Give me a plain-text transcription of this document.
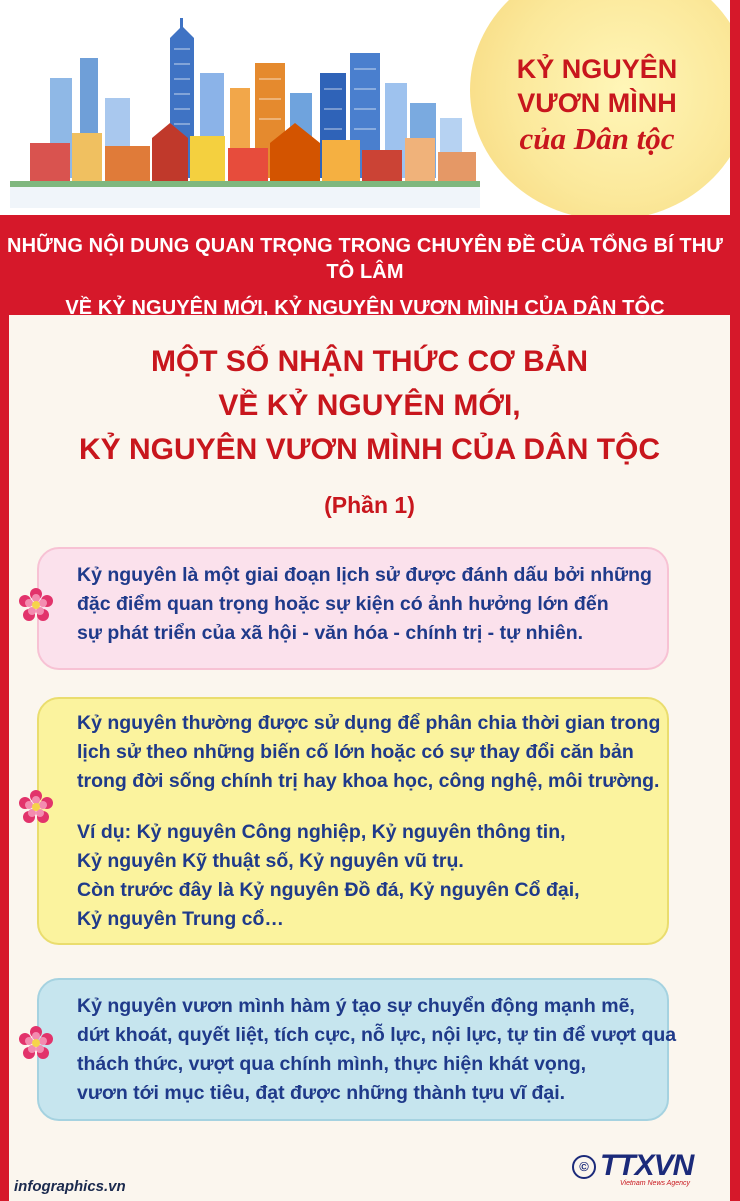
KỶ NGUYÊN
VƯƠN MÌNH
của Dân tộc
NHỮNG NỘI DUNG QUAN TRỌNG TRONG CHUYÊN ĐỀ CỦA TỔNG BÍ THƯ TÔ LÂM
VỀ KỶ NGUYÊN MỚI, KỶ NGUYÊN VƯƠN MÌNH CỦA DÂN TỘC
MỘT SỐ NHẬN THỨC CƠ BẢN
VỀ KỶ NGUYÊN MỚI,
KỶ NGUYÊN VƯƠN MÌNH CỦA DÂN TỘC
(Phần 1)
Kỷ nguyên là một giai đoạn lịch sử được đánh dấu bởi những
đặc điểm quan trọng hoặc sự kiện có ảnh hưởng lớn đến
sự phát triển của xã hội - văn hóa - chính trị - tự nhiên.
Kỷ nguyên thường được sử dụng để phân chia thời gian trong
lịch sử theo những biến cố lớn hoặc có sự thay đổi căn bản
trong đời sống chính trị hay khoa học, công nghệ, môi trường.
Ví dụ: Kỷ nguyên Công nghiệp, Kỷ nguyên thông tin,
Kỷ nguyên Kỹ thuật số, Kỷ nguyên vũ trụ.
Còn trước đây là Kỷ nguyên Đồ đá, Kỷ nguyên Cổ đại,
Kỷ nguyên Trung cổ…
Kỷ nguyên vươn mình hàm ý tạo sự chuyển động mạnh mẽ,
dứt khoát, quyết liệt, tích cực, nỗ lực, nội lực, tự tin để vượt qua
thách thức, vượt qua chính mình, thực hiện khát vọng,
vươn tới mục tiêu, đạt được những thành tựu vĩ đại.
infographics.vn
© TTXVN
Vietnam News Agency
